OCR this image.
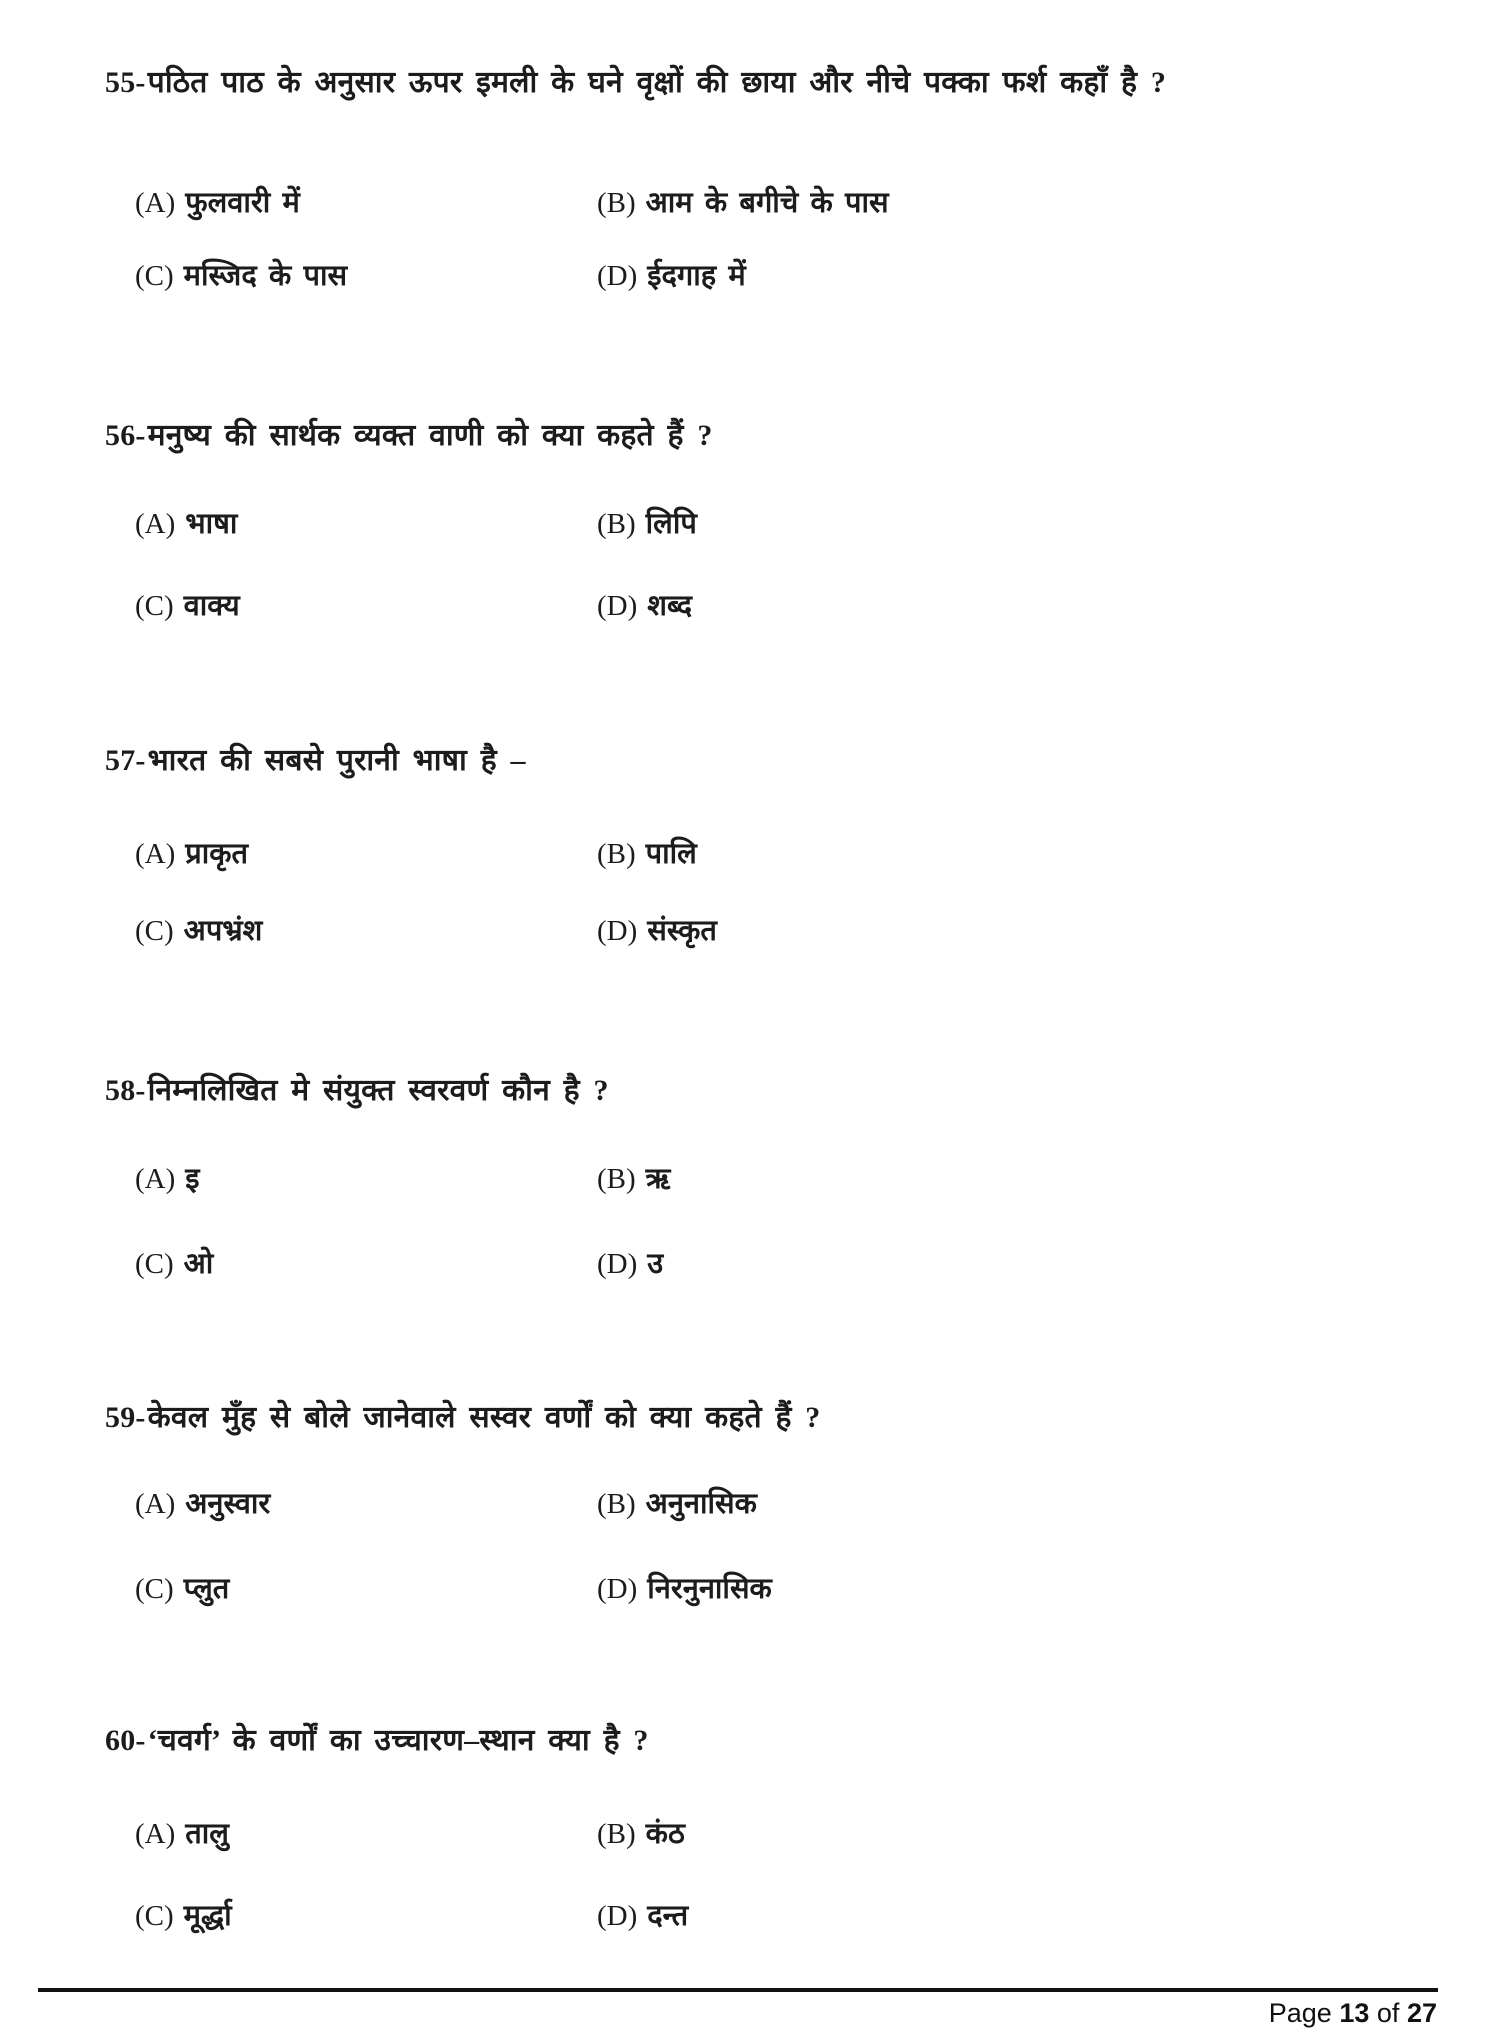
55-पठित पाठ के अनुसार ऊपर इमली के घने वृक्षों की छाया और नीचे पक्का फर्श कहाँ है ?
(A) फुलवारी में	(B) आम के बगीचे के पास
(C) मस्जिद के पास	(D) ईदगाह में
56-मनुष्य की सार्थक व्यक्त वाणी को क्या कहते हैं ?
(A) भाषा	(B) लिपि
(C) वाक्य	(D) शब्द
57-भारत की सबसे पुरानी भाषा है –
(A) प्राकृत	(B) पालि
(C) अपभ्रंश	(D) संस्कृत
58-निम्नलिखित मे संयुक्त स्वरवर्ण कौन है ?
(A) इ	(B) ऋ
(C) ओ	(D) उ
59-केवल मुँह से बोले जानेवाले सस्वर वर्णों को क्या कहते हैं ?
(A) अनुस्वार	(B) अनुनासिक
(C) प्लुत	(D) निरनुनासिक
60-‘चवर्ग’ के वर्णों का उच्चारण–स्थान क्या है ?
(A) तालु	(B) कंठ
(C) मूर्द्धा	(D) दन्त
Page 13 of 27
